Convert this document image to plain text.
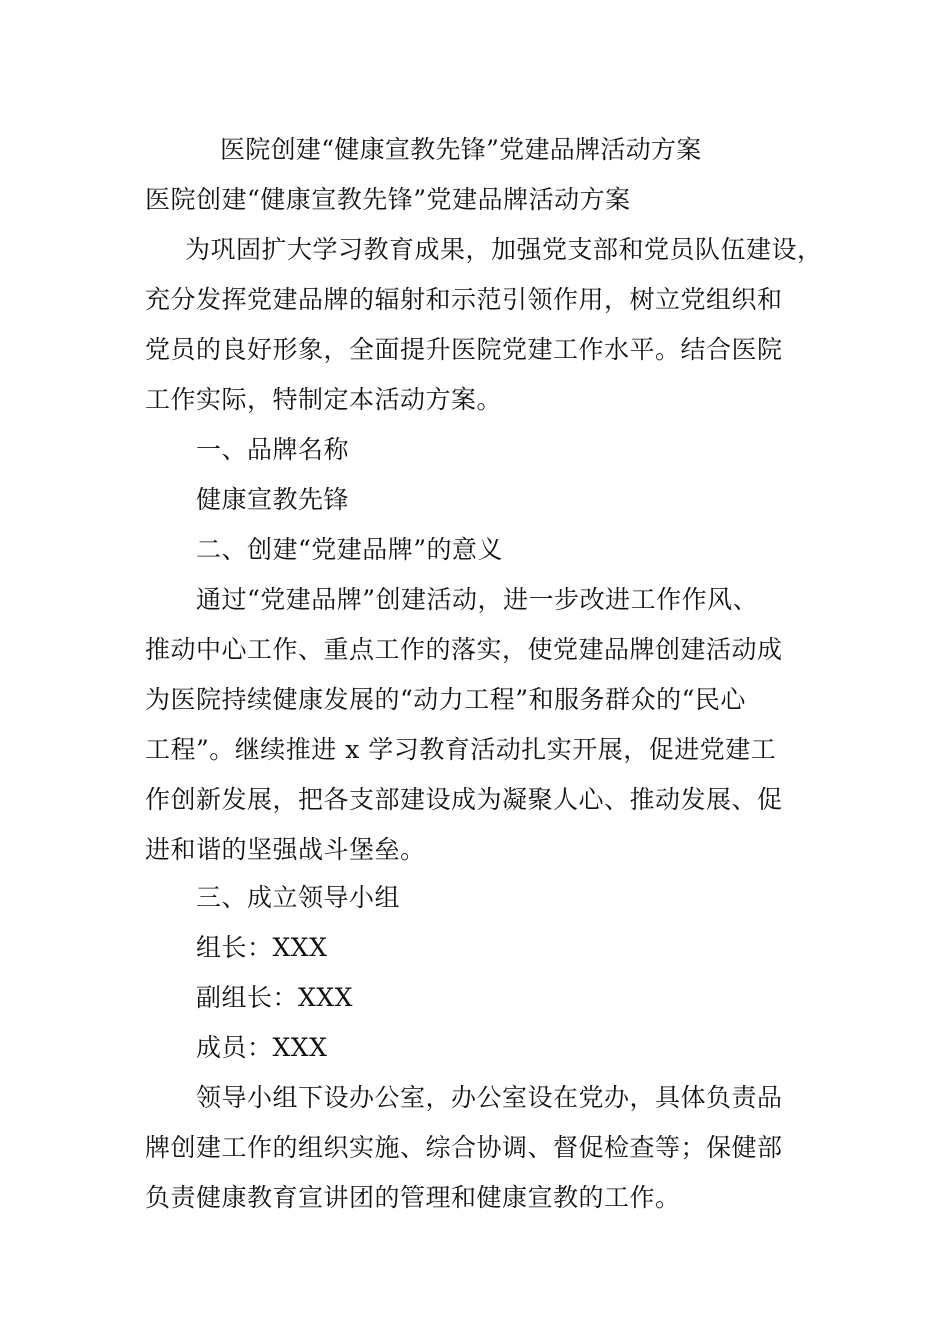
医院创建“健康宣教先锋”党建品牌活动方案
医院创建“健康宣教先锋”党建品牌活动方案
为巩固扩大学习教育成果，加强党支部和党员队伍建设，
充分发挥党建品牌的辐射和示范引领作用，树立党组织和
党员的良好形象，全面提升医院党建工作水平。结合医院
工作实际，特制定本活动方案。
一、品牌名称
健康宣教先锋
二、创建“党建品牌”的意义
通过“党建品牌”创建活动，进一步改进工作作风、
推动中心工作、重点工作的落实，使党建品牌创建活动成
为医院持续健康发展的“动力工程”和服务群众的“民心
工程”。继续推进 x 学习教育活动扎实开展，促进党建工
作创新发展，把各支部建设成为凝聚人心、推动发展、促
进和谐的坚强战斗堡垒。
三、成立领导小组
组长：XXX
副组长：XXX
成员：XXX
领导小组下设办公室，办公室设在党办，具体负责品
牌创建工作的组织实施、综合协调、督促检查等；保健部
负责健康教育宣讲团的管理和健康宣教的工作。
